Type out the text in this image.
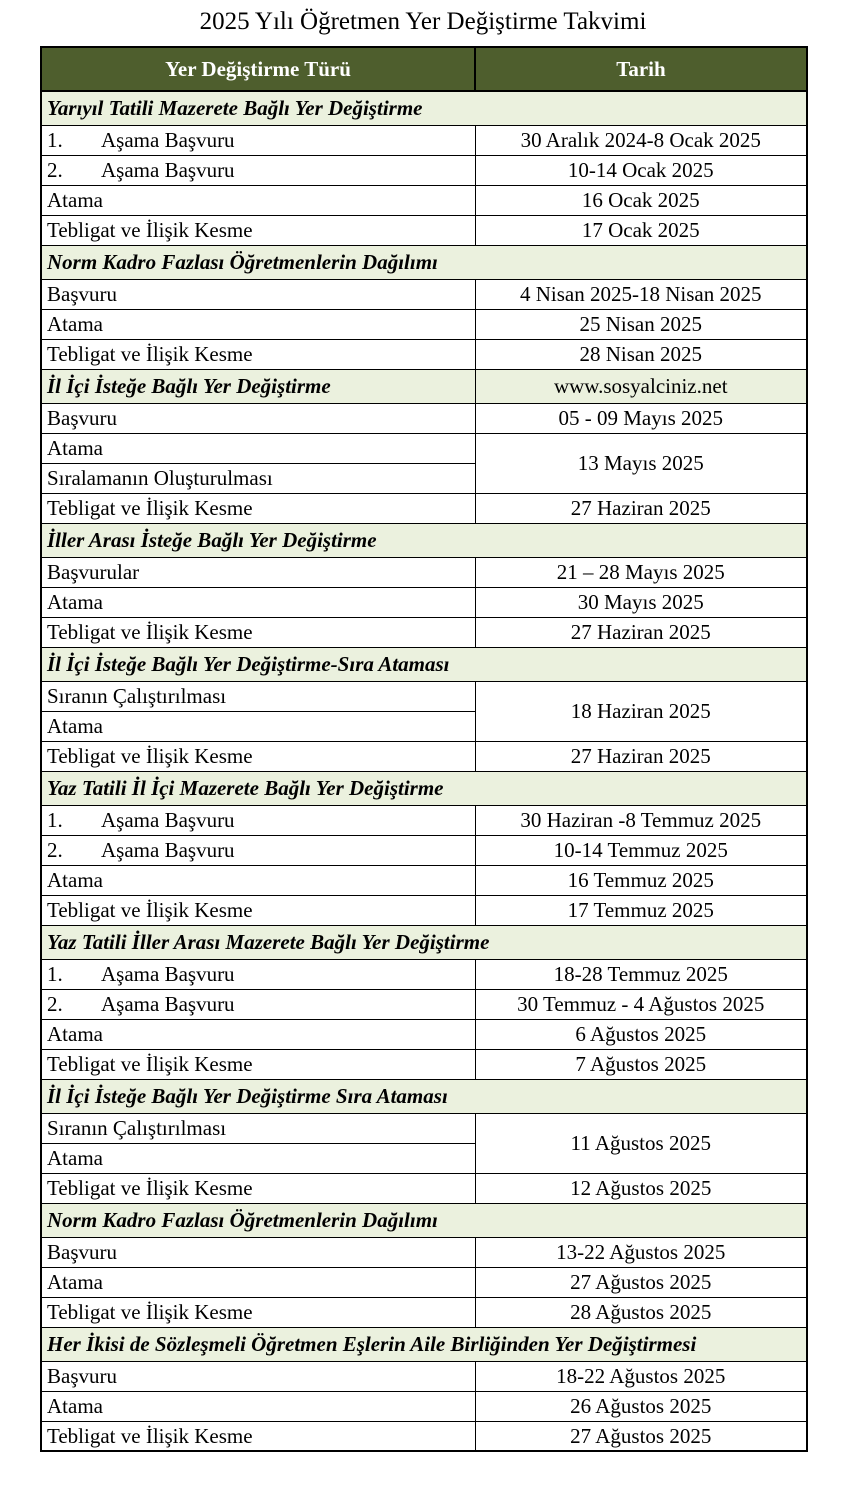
2025 Yılı Öğretmen Yer Değiştirme Takvimi
Yer Değiştirme Türü	Tarih
Yarıyıl Tatili Mazerete Bağlı Yer Değiştirme	
1. Aşama Başvuru	30 Aralık 2024-8 Ocak 2025
2. Aşama Başvuru	10-14 Ocak 2025
Atama	16 Ocak 2025
Tebligat ve İlişik Kesme	17 Ocak 2025
Norm Kadro Fazlası Öğretmenlerin Dağılımı	
Başvuru	4 Nisan 2025-18 Nisan 2025
Atama	25 Nisan 2025
Tebligat ve İlişik Kesme	28 Nisan 2025
İl İçi İsteğe Bağlı Yer Değiştirme	www.sosyalciniz.net
Başvuru	05 - 09 Mayıs 2025
Atama	13 Mayıs 2025
Sıralamanın Oluşturulması	
Tebligat ve İlişik Kesme	27 Haziran 2025
İller Arası İsteğe Bağlı Yer Değiştirme	
Başvurular	21 – 28 Mayıs 2025
Atama	30 Mayıs 2025
Tebligat ve İlişik Kesme	27 Haziran 2025
İl İçi İsteğe Bağlı Yer Değiştirme-Sıra Ataması	
Sıranın Çalıştırılması	18 Haziran 2025
Atama	
Tebligat ve İlişik Kesme	27 Haziran 2025
Yaz Tatili İl İçi Mazerete Bağlı Yer Değiştirme	
1. Aşama Başvuru	30 Haziran -8 Temmuz 2025
2. Aşama Başvuru	10-14 Temmuz 2025
Atama	16 Temmuz 2025
Tebligat ve İlişik Kesme	17 Temmuz 2025
Yaz Tatili İller Arası Mazerete Bağlı Yer Değiştirme	
1. Aşama Başvuru	18-28 Temmuz 2025
2. Aşama Başvuru	30 Temmuz - 4 Ağustos 2025
Atama	6 Ağustos 2025
Tebligat ve İlişik Kesme	7 Ağustos 2025
İl İçi İsteğe Bağlı Yer Değiştirme Sıra Ataması	
Sıranın Çalıştırılması	11 Ağustos 2025
Atama	
Tebligat ve İlişik Kesme	12 Ağustos 2025
Norm Kadro Fazlası Öğretmenlerin Dağılımı	
Başvuru	13-22 Ağustos 2025
Atama	27 Ağustos 2025
Tebligat ve İlişik Kesme	28 Ağustos 2025
Her İkisi de Sözleşmeli Öğretmen Eşlerin Aile Birliğinden Yer Değiştirmesi	
Başvuru	18-22 Ağustos 2025
Atama	26 Ağustos 2025
Tebligat ve İlişik Kesme	27 Ağustos 2025
